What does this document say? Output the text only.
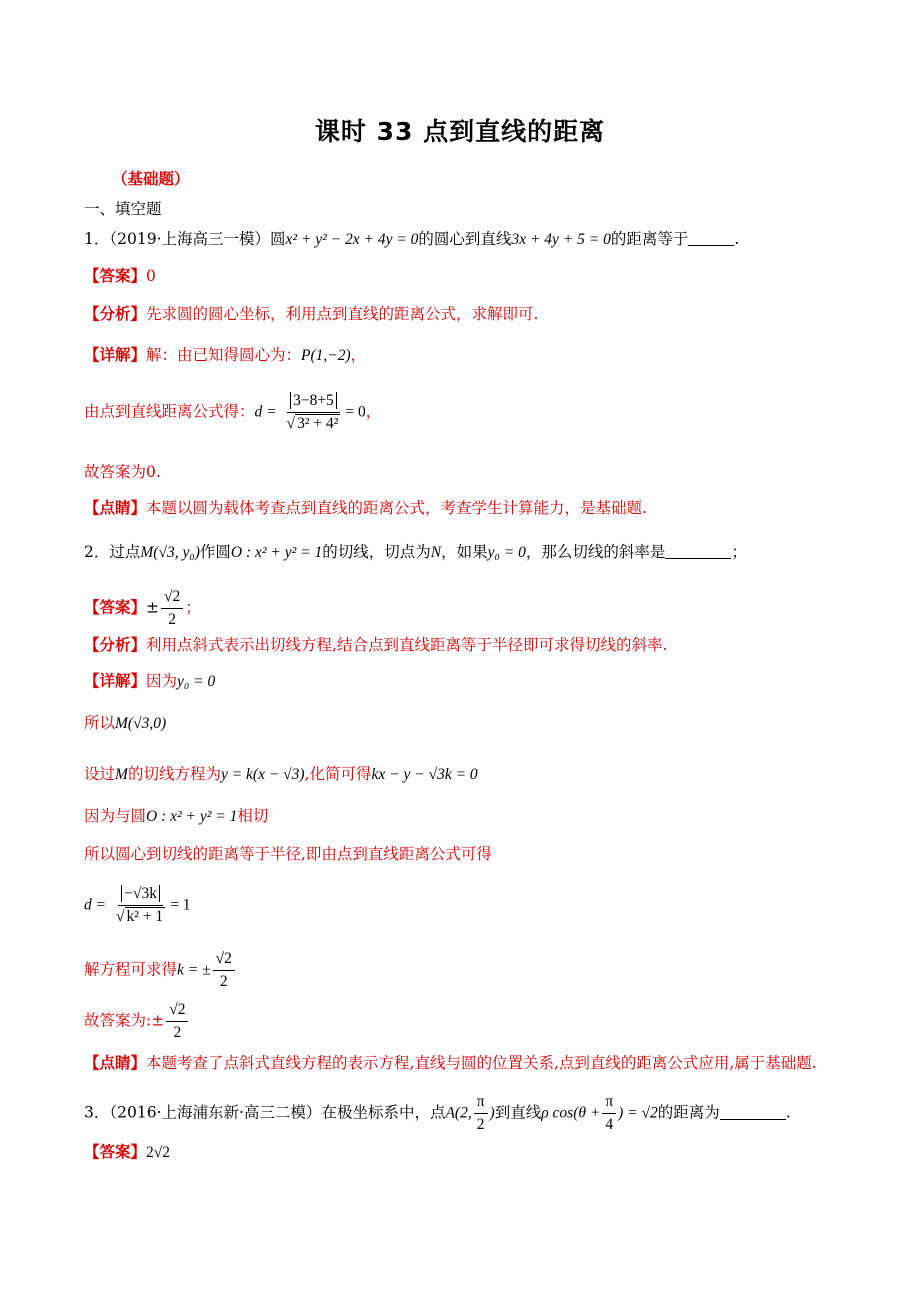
课时 33 点到直线的距离
（基础题）
一、填空题
1．（2019·上海高三一模）圆x² + y² − 2x + 4y = 0的圆心到直线3x + 4y + 5 = 0的距离等于	.
【答案】0
【分析】先求圆的圆心坐标，利用点到直线的距离公式，求解即可.
【详解】解：由已知得圆心为：P(1,−2)，
由点到直线距离公式得：$d = \frac{3-8+5}{\text{√ 3² + 4²}} = 0$，
故答案为0.
【点睛】本题以圆为载体考查点到直线的距离公式，考查学生计算能力，是基础题.
2．过点M(√3, y₀)作圆O : x² + y² = 1的切线，切点为N，如果y₀ = 0，那么切线的斜率是	；
【答案】± $\frac{√2}{2}$ ；
【分析】利用点斜式表示出切线方程,结合点到直线距离等于半径即可求得切线的斜率.
【详解】因为y₀ = 0
所以M(√3,0)
设过M的切线方程为y = k(x − √3),化简可得kx − y − √3k = 0
因为与圆O : x² + y² = 1相切
所以圆心到切线的距离等于半径,即由点到直线距离公式可得
$d = \frac{-√3k}{\text{√ k² + 1}} = 1$
解方程可求得k = ± $\frac{√2}{2}$
故答案为:± $\frac{√2}{2}$
【点睛】本题考查了点斜式直线方程的表示方程,直线与圆的位置关系,点到直线的距离公式应用,属于基础题.
3．（2016·上海浦东新·高三二模）在极坐标系中，点A(2, $\frac{\pi}{2}$ )到直线ρ $\cos(\theta + \frac{\pi}{4}$ ) = √2的距离为	.
【答案】2√2
